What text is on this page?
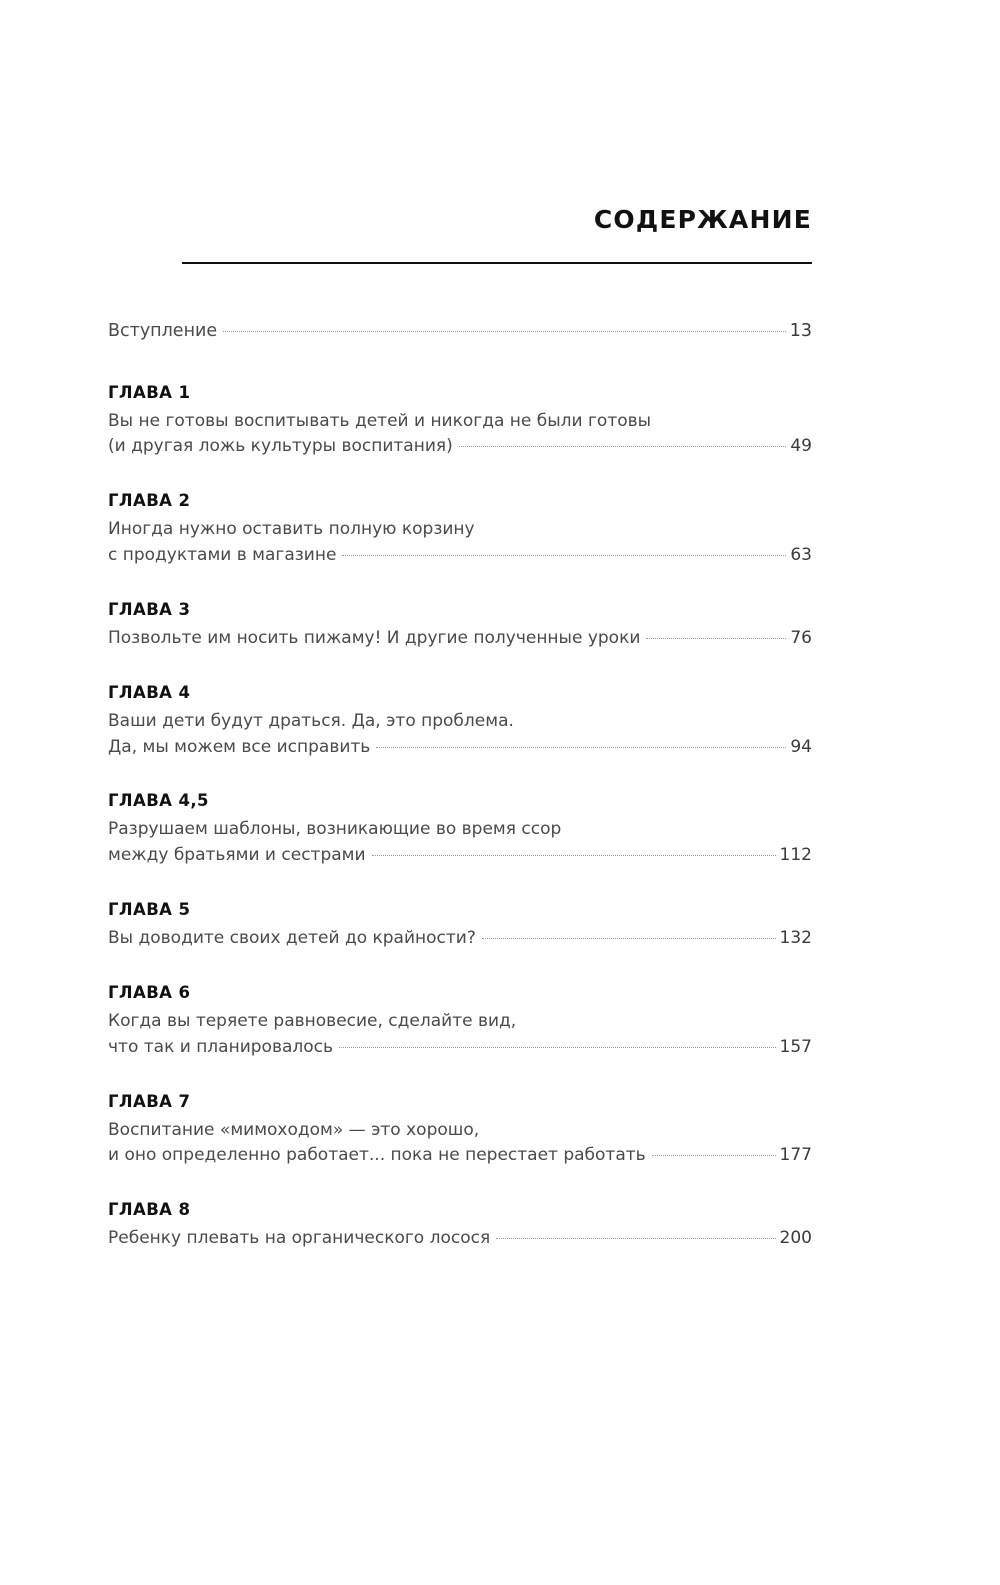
СОДЕРЖАНИЕ
Вступление	13
ГЛАВА 1
Вы не готовы воспитывать детей и никогда не были готовы
(и другая ложь культуры воспитания)	49
ГЛАВА 2
Иногда нужно оставить полную корзину
с продуктами в магазине	63
ГЛАВА 3
Позвольте им носить пижаму! И другие полученные уроки	76
ГЛАВА 4
Ваши дети будут драться. Да, это проблема.
Да, мы можем все исправить	94
ГЛАВА 4,5
Разрушаем шаблоны, возникающие во время ссор
между братьями и сестрами	112
ГЛАВА 5
Вы доводите своих детей до крайности?	132
ГЛАВА 6
Когда вы теряете равновесие, сделайте вид,
что так и планировалось	157
ГЛАВА 7
Воспитание «мимоходом» — это хорошо,
и оно определенно работает... пока не перестает работать	177
ГЛАВА 8
Ребенку плевать на органического лосося	200
